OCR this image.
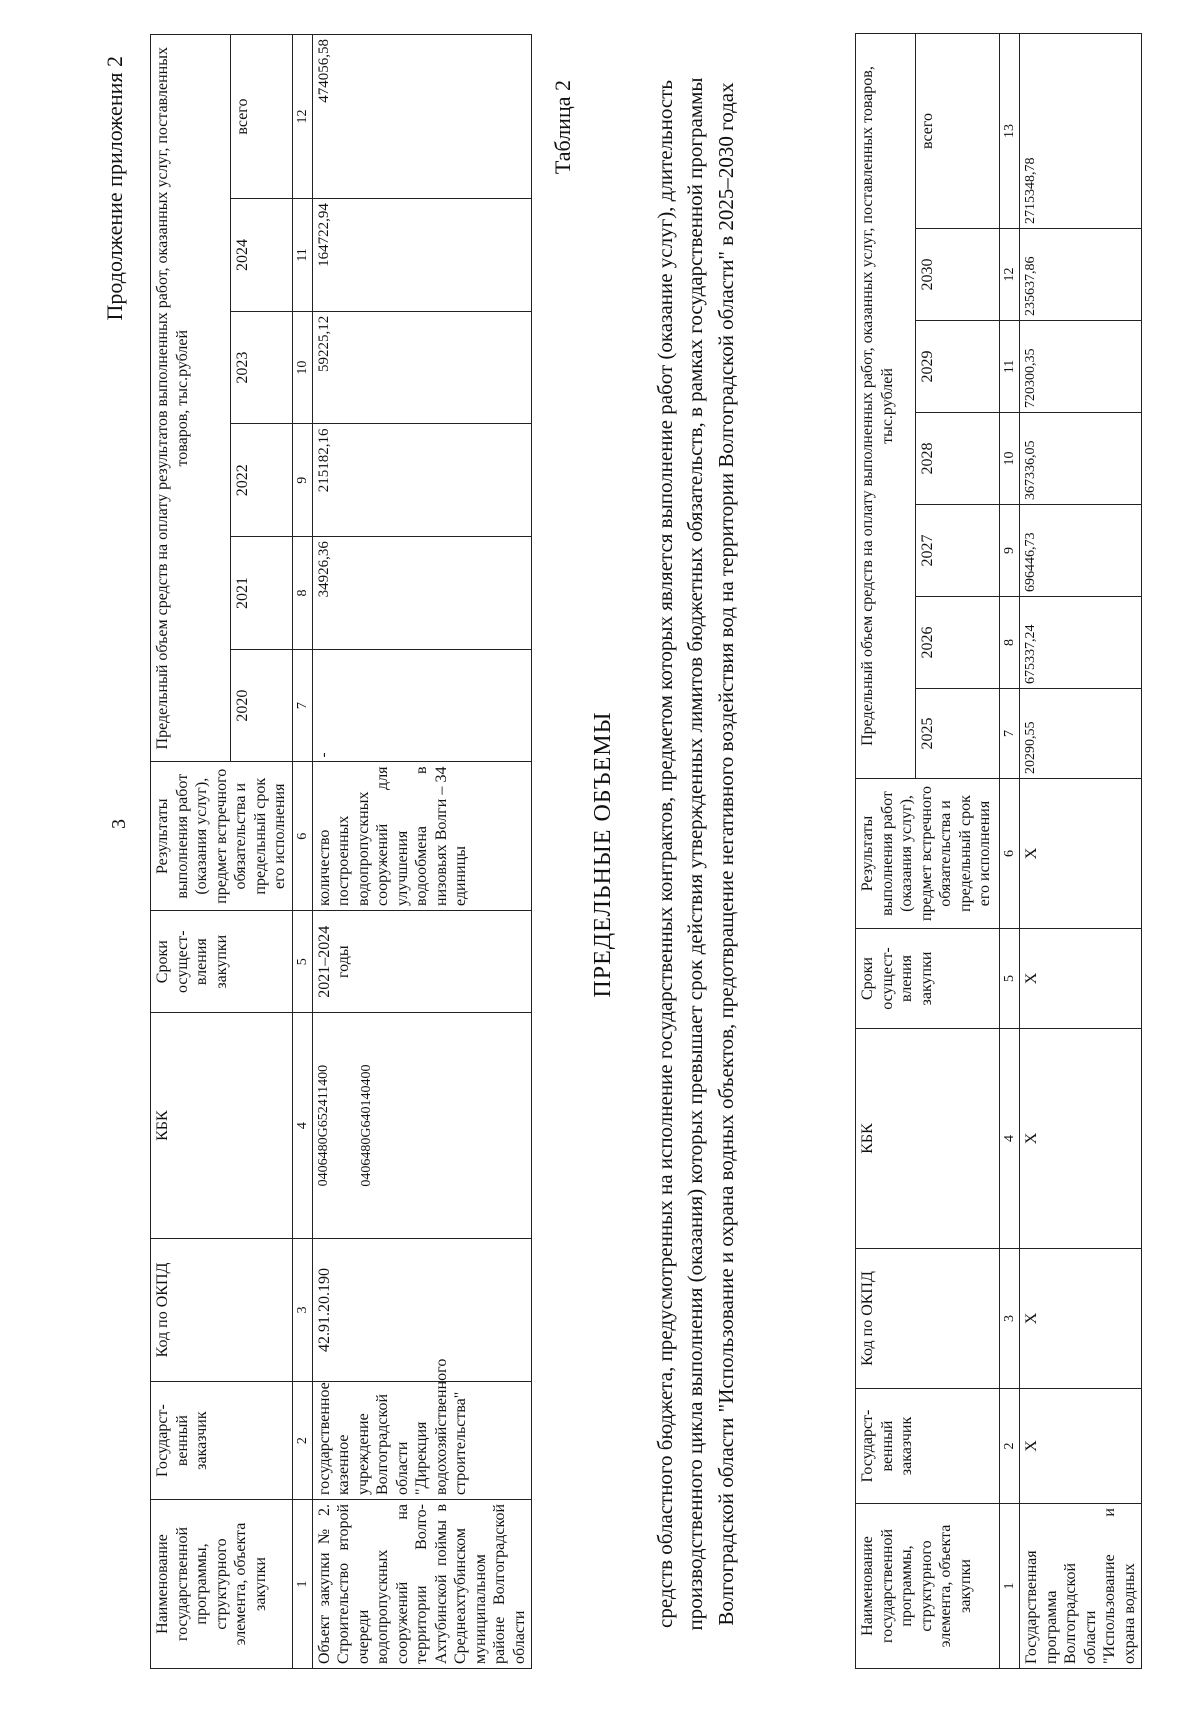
3
Продолжение приложения 2
Наименование государственной программы, структурного элемента, объекта закупки	Государст-венный заказчик	Код по ОКПД	КБК	Сроки осущест-вления закупки	Результаты выполнения работ (оказания услуг), предмет встречного обязательства и предельный срок его исполнения	Предельный объем средств на оплату результатов выполненных работ, оказанных услуг, поставленных товаров, тыс.рублей					
						2020	2021	2022	2023	2024	всего
1	2	3	4	5	6	7	8	9	10	11	12
Объект закупки № 2. Строительство второй очереди водопропускных сооружений на территории Волго-Ахтубинской поймы в Среднеахтубинском муниципальном районе Волгоградской области	государственное казенное учреждение Волгоградской области "Дирекция водохозяйственного строительства"	42.91.20.190	0406480G652411400 0406480G640140400	2021–2024 годы	количество построенных водопропускных сооружений для улучшения водообмена в низовьях Волги – 34 единицы	-	34926,36	215182,16	59225,12	164722,94	474056,58
Таблица 2
ПРЕДЕЛЬНЫЕ ОБЪЕМЫ средств областного бюджета, предусмотренных на исполнение государственных контрактов, предметом которых является выполнение работ (оказание услуг), длительность производственного цикла выполнения (оказания) которых превышает срок действия утвержденных лимитов бюджетных обязательств, в рамках государственной программы Волгоградской области "Использование и охрана водных объектов, предотвращение негативного воздействия вод на территории Волгоградской области" в 2025–2030 годах	Наименование государственной программы, структурного элемента, объекта закупки	Государст-венный заказчик	Код по ОКПД	КБК	Сроки осущест-вления закупки	Результаты выполнения работ (оказания услуг), предмет встречного обязательства и предельный срок его исполнения	Предельный объем средств на оплату выполненных работ, оказанных услуг, поставленных товаров, тыс.рублей						
						2025	2026	2027	2028	2029	2030	всего
1	2	3	4	5	6	7	8	9	10	11	12	13
Государственная программа Волгоградской области "Использование и охрана водных	X	X	X	X	X	20290,55	675337,24	696446,73	367336,05	720300,35	235637,86	2715348,78
